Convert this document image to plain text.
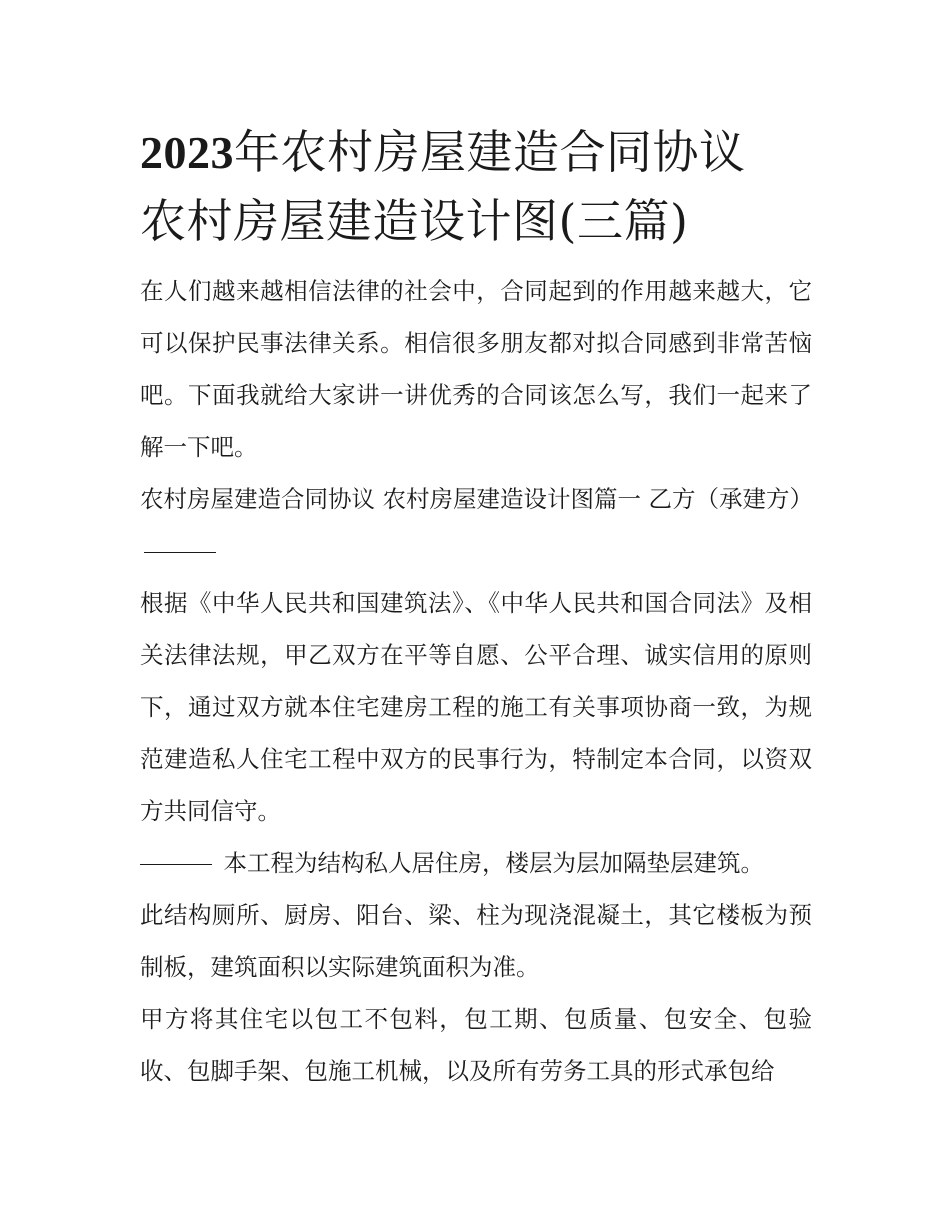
2023年农村房屋建造合同协议
农村房屋建造设计图(三篇)

在人们越来越相信法律的社会中，合同起到的作用越来越大，它可以保护民事法律关系。相信很多朋友都对拟合同感到非常苦恼吧。下面我就给大家讲一讲优秀的合同该怎么写，我们一起来了解一下吧。

农村房屋建造合同协议 农村房屋建造设计图篇一 乙方（承建方）

根据《中华人民共和国建筑法》、《中华人民共和国合同法》及相关法律法规，甲乙双方在平等自愿、公平合理、诚实信用的原则下，通过双方就本住宅建房工程的施工有关事项协商一致，为规范建造私人住宅工程中双方的民事行为，特制定本合同，以资双方共同信守。

本工程为结构私人居住房，楼层为层加隔垫层建筑。

此结构厕所、厨房、阳台、梁、柱为现浇混凝土，其它楼板为预制板，建筑面积以实际建筑面积为准。

甲方将其住宅以包工不包料，包工期、包质量、包安全、包验收、包脚手架、包施工机械，以及所有劳务工具的形式承包给
